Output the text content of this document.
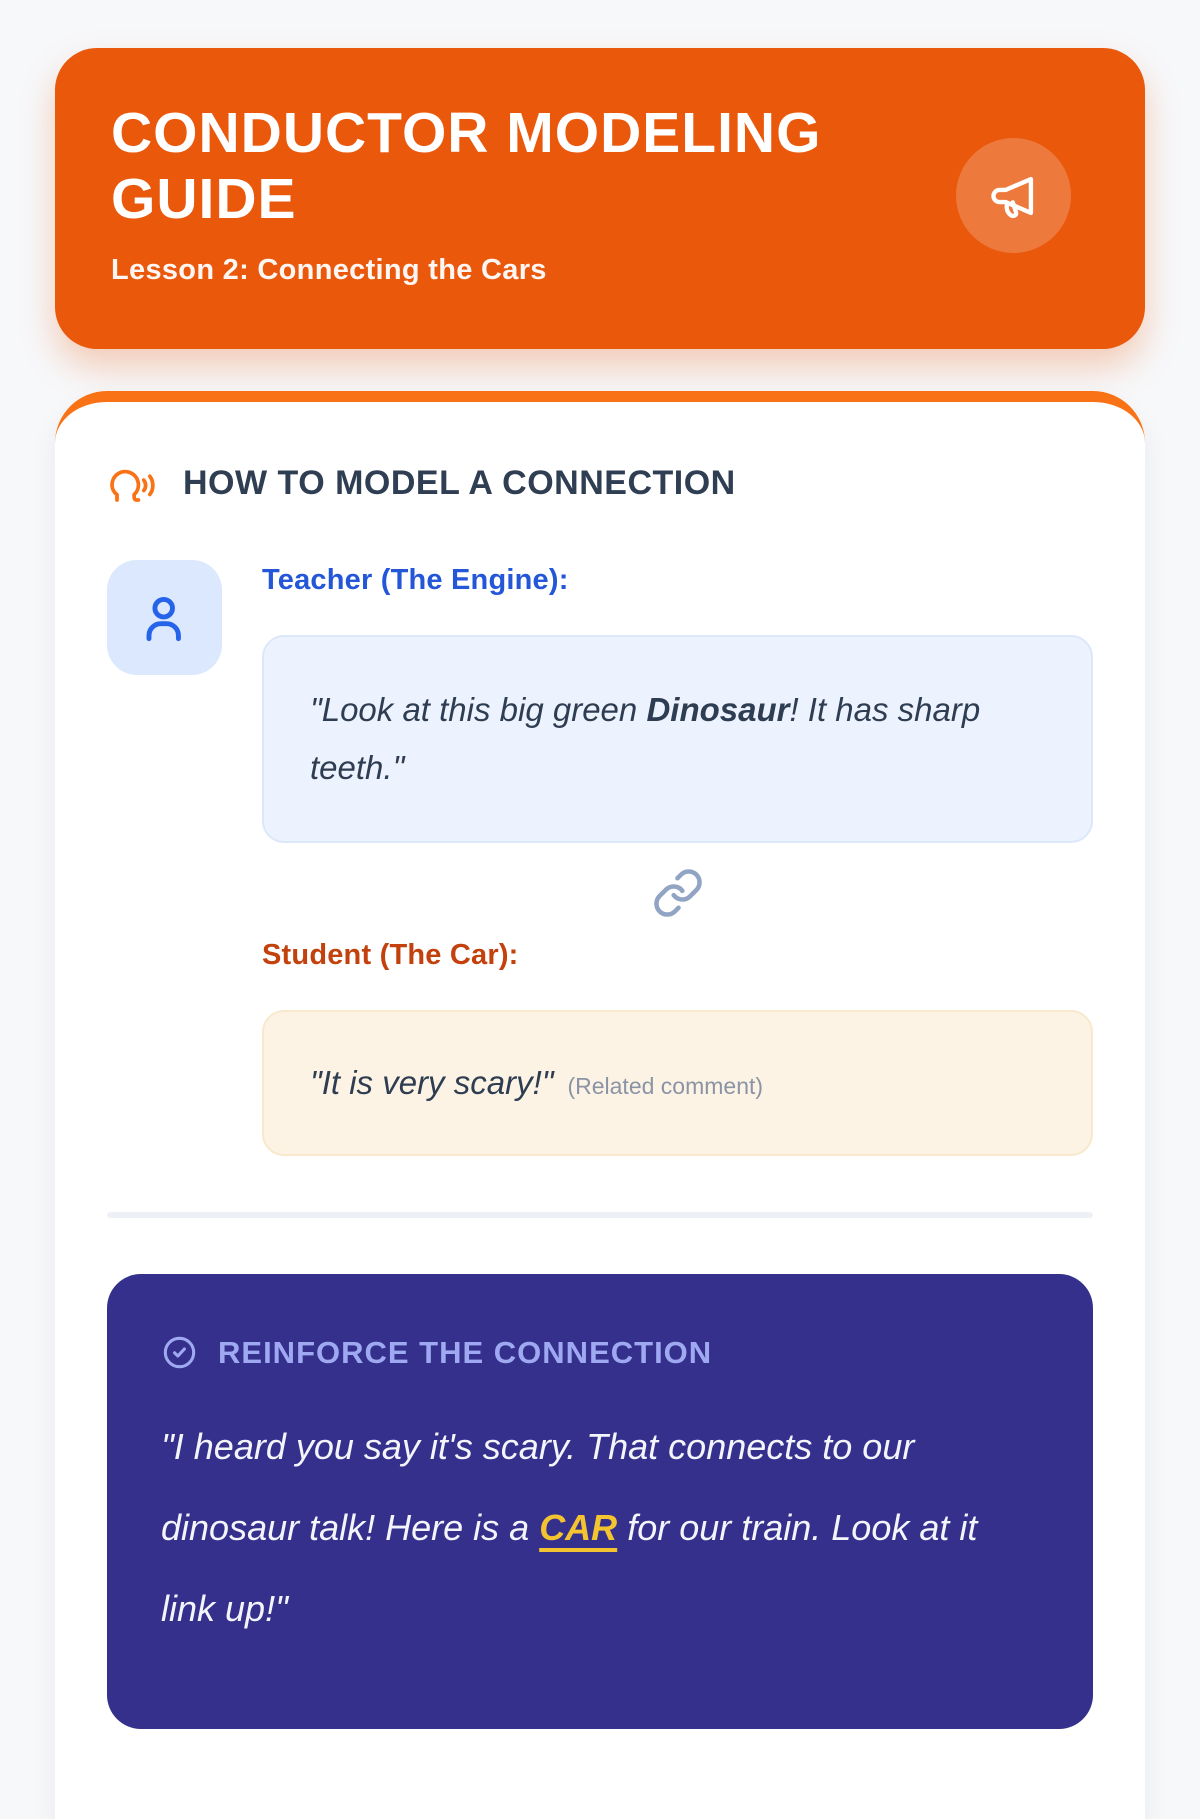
CONDUCTOR MODELING GUIDE

Lesson 2: Connecting the Cars

HOW TO MODEL A CONNECTION
Teacher (The Engine):

"Look at this big green Dinosaur! It has sharp teeth."

Student (The Car):

"It is very scary!" (Related comment)

REINFORCE THE CONNECTION

"I heard you say it's scary. That connects to our dinosaur talk! Here is a CAR for our train. Look at it link up!"
